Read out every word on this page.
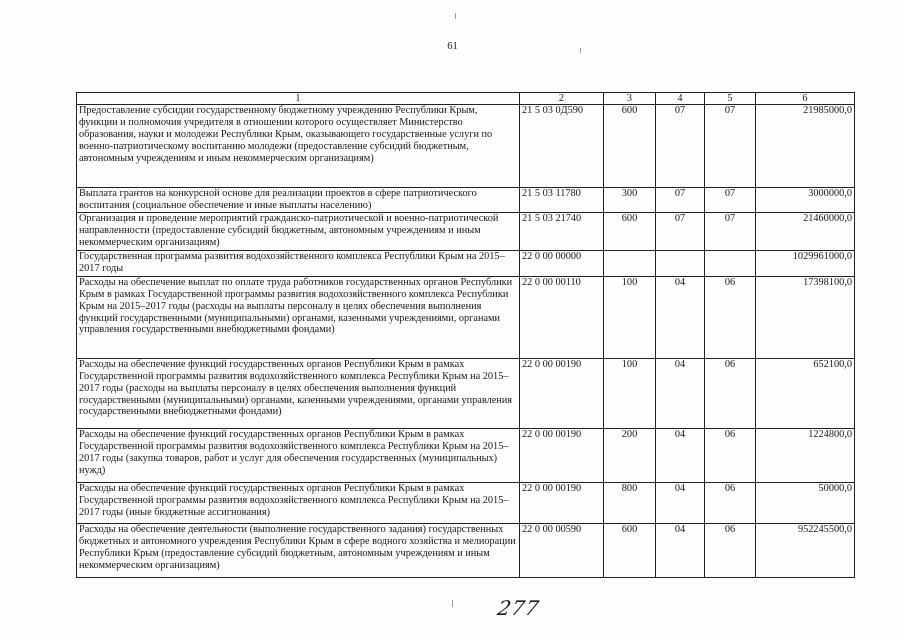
61
1	2	3	4	5	6
Предоставление субсидии государственному бюджетному учреждению Республики Крым, функции и полномочия учредителя в отношении которого осуществляет Министерство образования, науки и молодежи Республики Крым, оказывающего государственные услуги по военно-патриотическому воспитанию молодежи (предоставление субсидий бюджетным, автономным учреждениям и иным некоммерческим организациям)	21 5 03 0Д590	600	07	07	21985000,0
Выплата грантов на конкурсной основе для реализации проектов в сфере патриотического воспитания (социальное обеспечение и иные выплаты населению)	21 5 03 11780	300	07	07	3000000,0
Организация и проведение мероприятий гражданско-патриотической и военно-патриотической направленности (предоставление субсидий бюджетным, автономным учреждениям и иным некоммерческим организациям)	21 5 03 21740	600	07	07	21460000,0
Государственная программа развития водохозяйственного комплекса Республики Крым на 2015–2017 годы	22 0 00 00000				1029961000,0
Расходы на обеспечение выплат по оплате труда работников государственных органов Республики Крым в рамках Государственной программы развития водохозяйственного комплекса Республики Крым на 2015–2017 годы (расходы на выплаты персоналу в целях обеспечения выполнения функций государственными (муниципальными) органами, казенными учреждениями, органами управления государственными внебюджетными фондами)	22 0 00 00110	100	04	06	17398100,0
Расходы на обеспечение функций государственных органов Республики Крым в рамках Государственной программы развития водохозяйственного комплекса Республики Крым на 2015–2017 годы (расходы на выплаты персоналу в целях обеспечения выполнения функций государственными (муниципальными) органами, казенными учреждениями, органами управления государственными внебюджетными фондами)	22 0 00 00190	100	04	06	652100,0
Расходы на обеспечение функций государственных органов Республики Крым в рамках Государственной программы развития водохозяйственного комплекса Республики Крым на 2015–2017 годы (закупка товаров, работ и услуг для обеспечения государственных (муниципальных) нужд)	22 0 00 00190	200	04	06	1224800,0
Расходы на обеспечение функций государственных органов Республики Крым в рамках Государственной программы развития водохозяйственного комплекса Республики Крым на 2015–2017 годы (иные бюджетные ассигнования)	22 0 00 00190	800	04	06	50000,0
Расходы на обеспечение деятельности (выполнение государственного задания) государственных бюджетных и автономного учреждения Республики Крым в сфере водного хозяйства и мелиорации Республики Крым (предоставление субсидий бюджетным, автономным учреждениям и иным некоммерческим организациям)	22 0 00 00590	600	04	06	952245500,0
277
